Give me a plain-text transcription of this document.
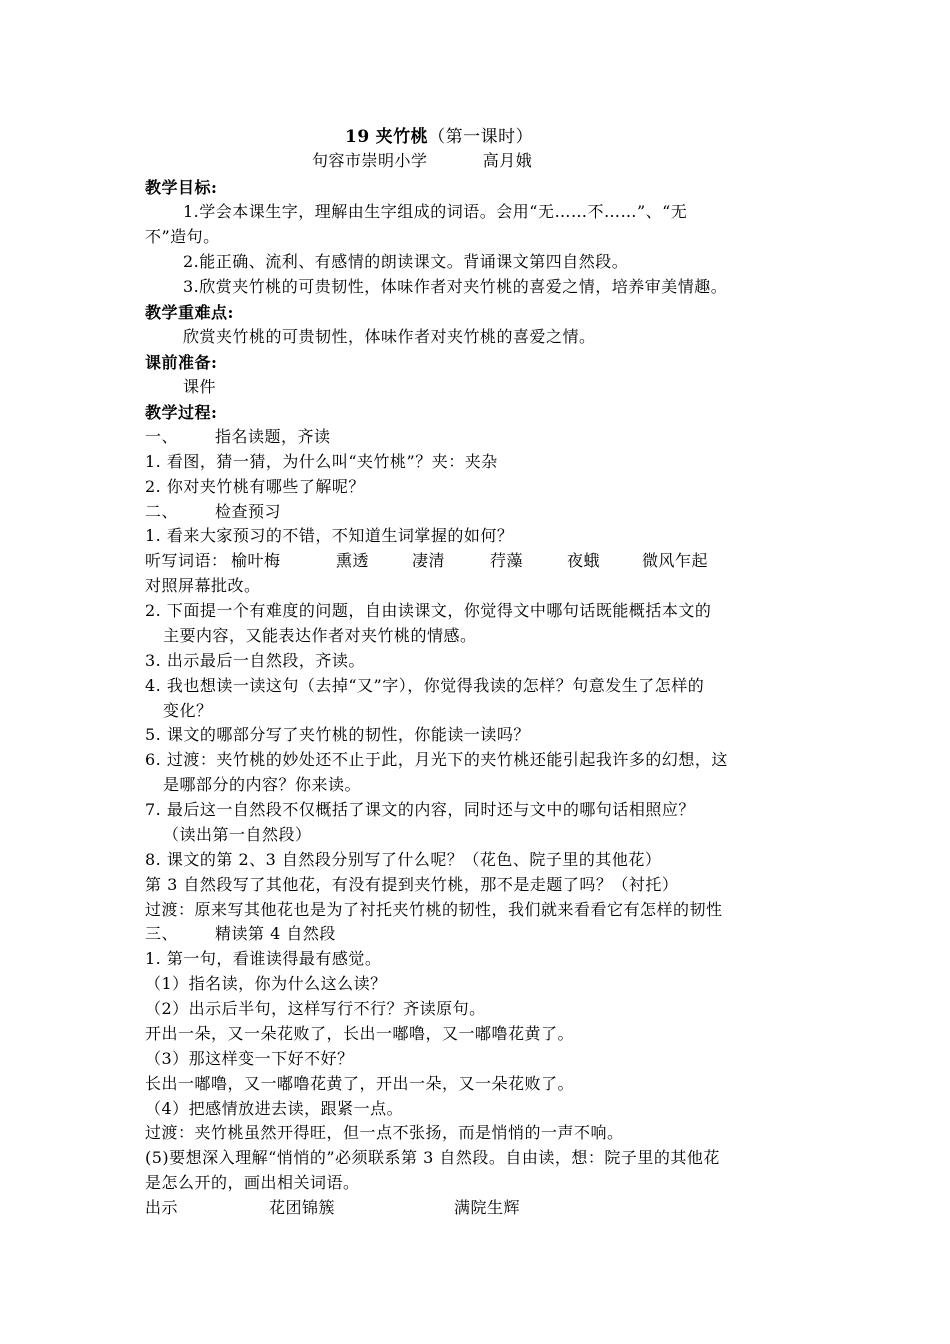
19 夹竹桃（第一课时）
句容市崇明小学	高月娥
教学目标:
1.学会本课生字，理解由生字组成的词语。会用“无……不……”、“无
不”造句。
2.能正确、流利、有感情的朗读课文。背诵课文第四自然段。
3.欣赏夹竹桃的可贵韧性，体味作者对夹竹桃的喜爱之情，培养审美情趣。
教学重难点:
欣赏夹竹桃的可贵韧性，体味作者对夹竹桃的喜爱之情。
课前准备:
课件
教学过程:
一、 指名读题，齐读
1. 看图，猜一猜，为什么叫“夹竹桃”？夹：夹杂
2. 你对夹竹桃有哪些了解呢？
二、 检查预习
1. 看来大家预习的不错，不知道生词掌握的如何？
听写词语： 榆叶梅	熏透	凄清	荇藻	夜蛾	微风乍起
对照屏幕批改。
2. 下面提一个有难度的问题，自由读课文，你觉得文中哪句话既能概括本文的
主要内容，又能表达作者对夹竹桃的情感。
3. 出示最后一自然段，齐读。
4. 我也想读一读这句（去掉“又”字），你觉得我读的怎样？句意发生了怎样的
变化？
5. 课文的哪部分写了夹竹桃的韧性，你能读一读吗？
6. 过渡：夹竹桃的妙处还不止于此，月光下的夹竹桃还能引起我许多的幻想，这
是哪部分的内容？你来读。
7. 最后这一自然段不仅概括了课文的内容，同时还与文中的哪句话相照应？
（读出第一自然段）
8. 课文的第 2、3 自然段分别写了什么呢？（花色、院子里的其他花）
第 3 自然段写了其他花，有没有提到夹竹桃，那不是走题了吗？（衬托）
过渡：原来写其他花也是为了衬托夹竹桃的韧性，我们就来看看它有怎样的韧性
三、 精读第 4 自然段
1. 第一句，看谁读得最有感觉。
（1）指名读，你为什么这么读？
（2）出示后半句，这样写行不行？齐读原句。
开出一朵，又一朵花败了，长出一嘟噜，又一嘟噜花黄了。
（3）那这样变一下好不好？
长出一嘟噜，又一嘟噜花黄了，开出一朵，又一朵花败了。
（4）把感情放进去读，跟紧一点。
过渡：夹竹桃虽然开得旺，但一点不张扬，而是悄悄的一声不响。
(5)要想深入理解“悄悄的”必须联系第 3 自然段。自由读，想：院子里的其他花
是怎么开的，画出相关词语。
出示	花团锦簇	满院生辉
